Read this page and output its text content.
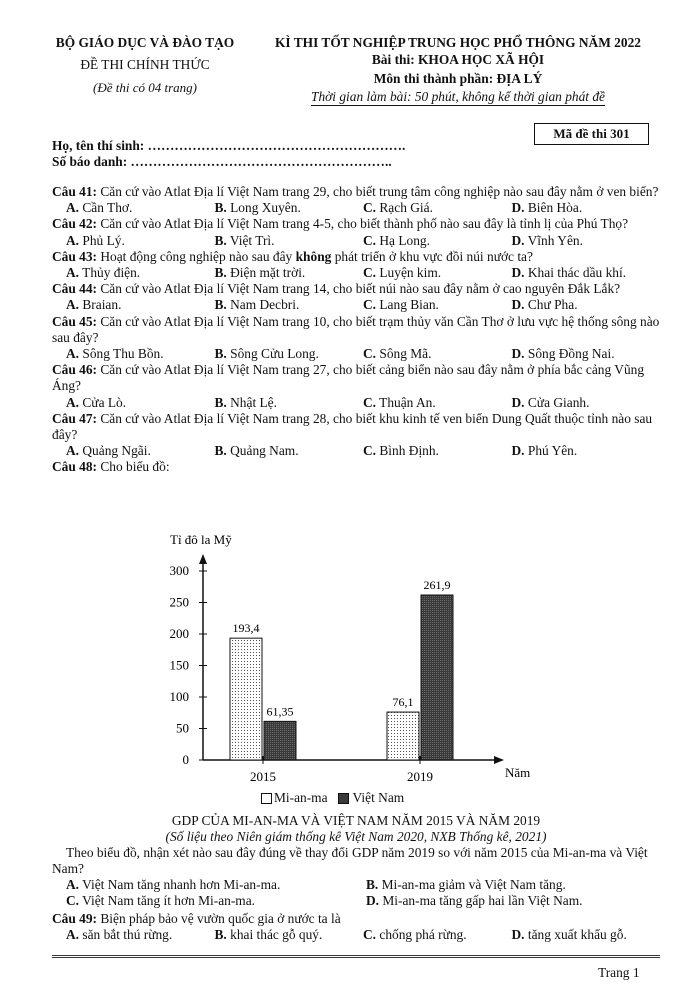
BỘ GIÁO DỤC VÀ ĐÀO TẠO
ĐỀ THI CHÍNH THỨC
(Đề thi có 04 trang)
KÌ THI TỐT NGHIỆP TRUNG HỌC PHỔ THÔNG NĂM 2022
Bài thi: KHOA HỌC XÃ HỘI
Môn thi thành phần: ĐỊA LÝ
Thời gian làm bài: 50 phút, không kể thời gian phát đề
Mã đề thi 301
Họ, tên thí sinh: ………………………………………………….
Số báo danh: …………………………………………………..
Câu 41: Căn cứ vào Atlat Địa lí Việt Nam trang 29, cho biết trung tâm công nghiệp nào sau đây nằm ở ven biển?
A. Cần Thơ.	B. Long Xuyên.	C. Rạch Giá.	D. Biên Hòa.
Câu 42: Căn cứ vào Atlat Địa lí Việt Nam trang 4-5, cho biết thành phố nào sau đây là tỉnh lị của Phú Thọ?
A. Phủ Lý.	B. Việt Trì.	C. Hạ Long.	D. Vĩnh Yên.
Câu 43: Hoạt động công nghiệp nào sau đây không phát triển ở khu vực đồi núi nước ta?
A. Thủy điện.	B. Điện mặt trời.	C. Luyện kim.	D. Khai thác dầu khí.
Câu 44: Căn cứ vào Atlat Địa lí Việt Nam trang 14, cho biết núi nào sau đây nằm ở cao nguyên Đắk Lắk?
A. Braian.	B. Nam Decbri.	C. Lang Bian.	D. Chư Pha.
Câu 45: Căn cứ vào Atlat Địa lí Việt Nam trang 10, cho biết trạm thủy văn Cần Thơ ở lưu vực hệ thống sông nào sau đây?
A. Sông Thu Bồn.	B. Sông Cửu Long.	C. Sông Mã.	D. Sông Đồng Nai.
Câu 46: Căn cứ vào Atlat Địa lí Việt Nam trang 27, cho biết cảng biển nào sau đây nằm ở phía bắc cảng Vũng Áng?
A. Cửa Lò.	B. Nhật Lệ.	C. Thuận An.	D. Cửa Gianh.
Câu 47: Căn cứ vào Atlat Địa lí Việt Nam trang 28, cho biết khu kinh tế ven biển Dung Quất thuộc tỉnh nào sau đây?
A. Quảng Ngãi.	B. Quảng Nam.	C. Bình Định.	D. Phú Yên.
Câu 48: Cho biểu đồ:
Tỉ đô la Mỹ
Năm
0
50
100
150
200
250
300
2015	2019
193,4
61,35
76,1
261,9
Mi-an-ma Việt Nam
GDP CỦA MI-AN-MA VÀ VIỆT NAM NĂM 2015 VÀ NĂM 2019
(Số liệu theo Niên giám thống kê Việt Nam 2020, NXB Thống kê, 2021)
Theo biểu đồ, nhận xét nào sau đây đúng về thay đổi GDP năm 2019 so với năm 2015 của Mi-an-ma và Việt Nam?
A. Việt Nam tăng nhanh hơn Mi-an-ma.	B. Mi-an-ma giảm và Việt Nam tăng.
C. Việt Nam tăng ít hơn Mi-an-ma.	D. Mi-an-ma tăng gấp hai lần Việt Nam.
Câu 49: Biện pháp bảo vệ vườn quốc gia ở nước ta là
A. săn bắt thú rừng.	B. khai thác gỗ quý.	C. chống phá rừng.	D. tăng xuất khẩu gỗ.
Trang 1
